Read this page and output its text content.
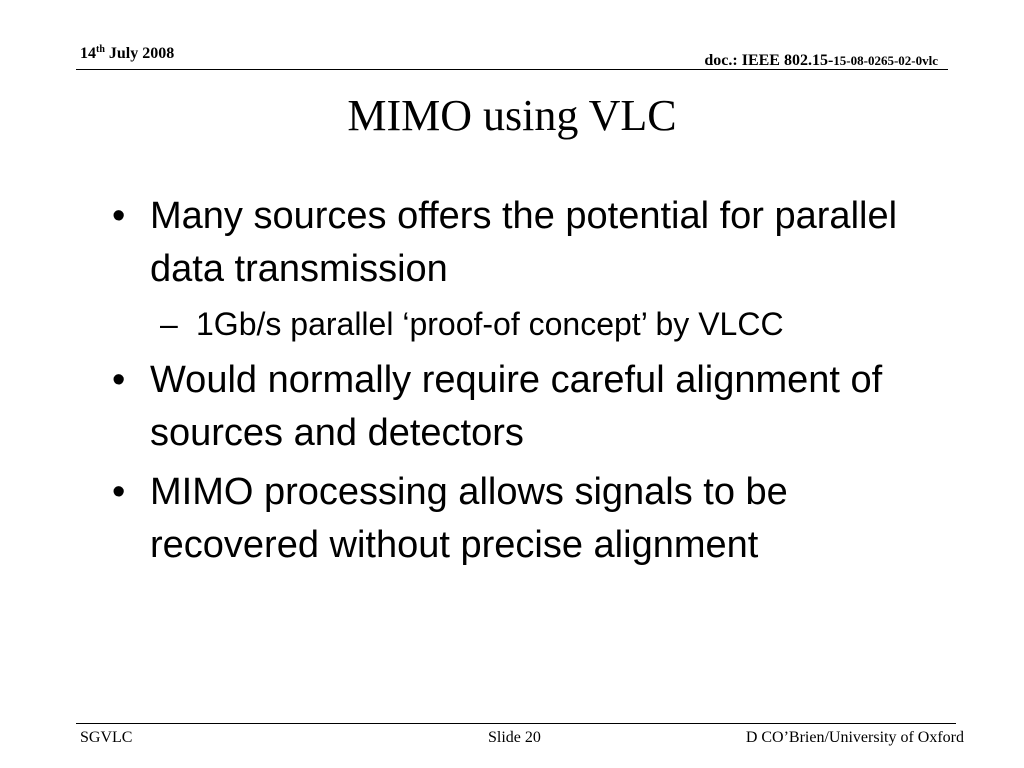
14th July 2008	doc.: IEEE 802.15-15-08-0265-02-0vlc
MIMO using VLC
• Many sources offers the potential for parallel data transmission
– 1Gb/s parallel ‘proof-of concept’ by VLCC
• Would normally require careful alignment of sources and detectors
• MIMO processing allows signals to be recovered without precise alignment
SGVLC	Slide 20	D CO’Brien/University of Oxford
